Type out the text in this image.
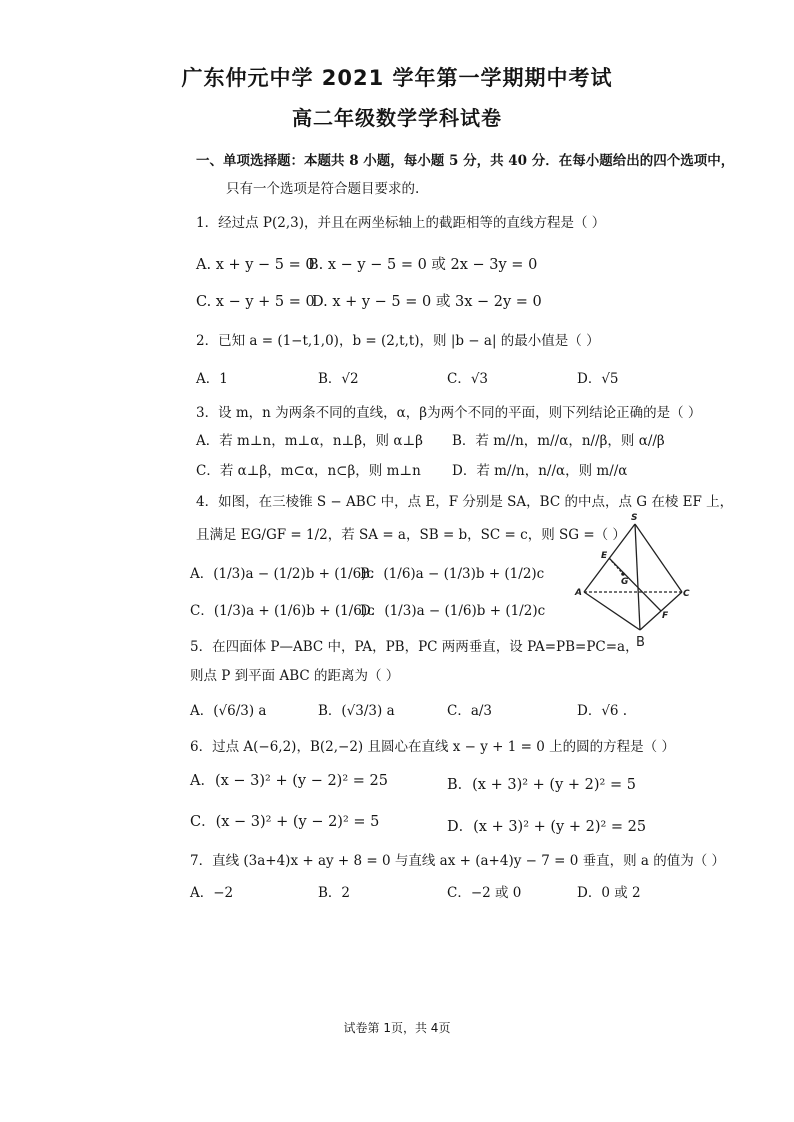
广东仲元中学 2021 学年第一学期期中考试
高二年级数学学科试卷
一、单项选择题：本题共 8 小题，每小题 5 分，共 40 分．在每小题给出的四个选项中，
只有一个选项是符合题目要求的.
1．经过点 P(2,3)，并且在两坐标轴上的截距相等的直线方程是（ ）
A. x + y − 5 = 0
B. x − y − 5 = 0 或 2x − 3y = 0
C. x − y + 5 = 0
D. x + y − 5 = 0 或 3x − 2y = 0
2．已知 a = (1−t,1,0)，b = (2,t,t)，则 |b − a| 的最小值是（ ）
A．1	B．√2	C．√3	D．√5
3．设 m，n 为两条不同的直线，α，β为两个不同的平面，则下列结论正确的是（ ）
A．若 m⊥n，m⊥α，n⊥β，则 α⊥β B．若 m//n，m//α，n//β，则 α//β
C．若 α⊥β，m⊂α，n⊂β，则 m⊥n D．若 m//n，n//α，则 m//α
4．如图，在三棱锥 S − ABC 中，点 E，F 分别是 SA，BC 的中点，点 G 在棱 EF 上，
且满足 EG/GF = 1/2，若 SA = a，SB = b，SC = c，则 SG =（ ）
A．(1/3)a − (1/2)b + (1/6)c
B．(1/6)a − (1/3)b + (1/2)c
C．(1/3)a + (1/6)b + (1/6)c
D．(1/3)a − (1/6)b + (1/2)c
S
E
G
A	C
F
B
5．在四面体 P—ABC 中，PA，PB，PC 两两垂直，设 PA=PB=PC=a，
则点 P 到平面 ABC 的距离为（ ）
A．(√6/3) a	B．(√3/3) a	C．a/3	D．√6 .
6．过点 A(−6,2)，B(2,−2) 且圆心在直线 x − y + 1 = 0 上的圆的方程是（ ）
A．(x − 3)² + (y − 2)² = 25	B．(x + 3)² + (y + 2)² = 5
C．(x − 3)² + (y − 2)² = 5	D．(x + 3)² + (y + 2)² = 25
7．直线 (3a+4)x + ay + 8 = 0 与直线 ax + (a+4)y − 7 = 0 垂直，则 a 的值为（ ）
A．−2	B．2	C．−2 或 0	D．0 或 2
试卷第 1页，共 4页
